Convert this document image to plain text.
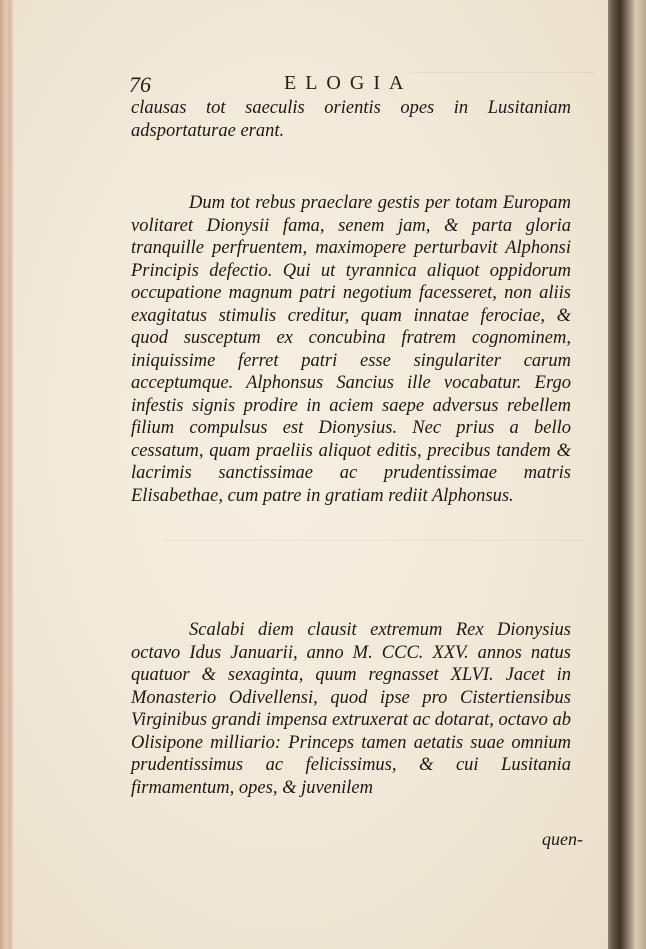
76	ELOGIA

clausas tot saeculis orientis opes in Lusitaniam adsportaturae erant.

Dum tot rebus praeclare gestis per totam Europam volitaret Dionysii fama, senem jam, & parta gloria tranquille perfruentem, maximopere perturbavit Alphonsi Principis defectio. Qui ut tyrannica aliquot oppidorum occupatione magnum patri negotium facesseret, non aliis exagitatus stimulis creditur, quam innatae ferociae, & quod susceptum ex concubina fratrem cognominem, iniquissime ferret patri esse singulariter carum acceptumque. Alphonsus Sancius ille vocabatur. Ergo infestis signis prodire in aciem saepe adversus rebellem filium compulsus est Dionysius. Nec prius a bello cessatum, quam praeliis aliquot editis, precibus tandem & lacrimis sanctissimae ac prudentissimae matris Elisabethae, cum patre in gratiam rediit Alphonsus.

Scalabi diem clausit extremum Rex Dionysius octavo Idus Januarii, anno M. CCC. XXV. annos natus quatuor & sexaginta, quum regnasset XLVI. Jacet in Monasterio Odivellensi, quod ipse pro Cistertiensibus Virginibus grandi impensa extruxerat ac dotarat, octavo ab Olisipone milliario: Princeps tamen aetatis suae omnium prudentissimus ac felicissimus, & cui Lusitania firmamentum, opes, & juvenilem

quen-
